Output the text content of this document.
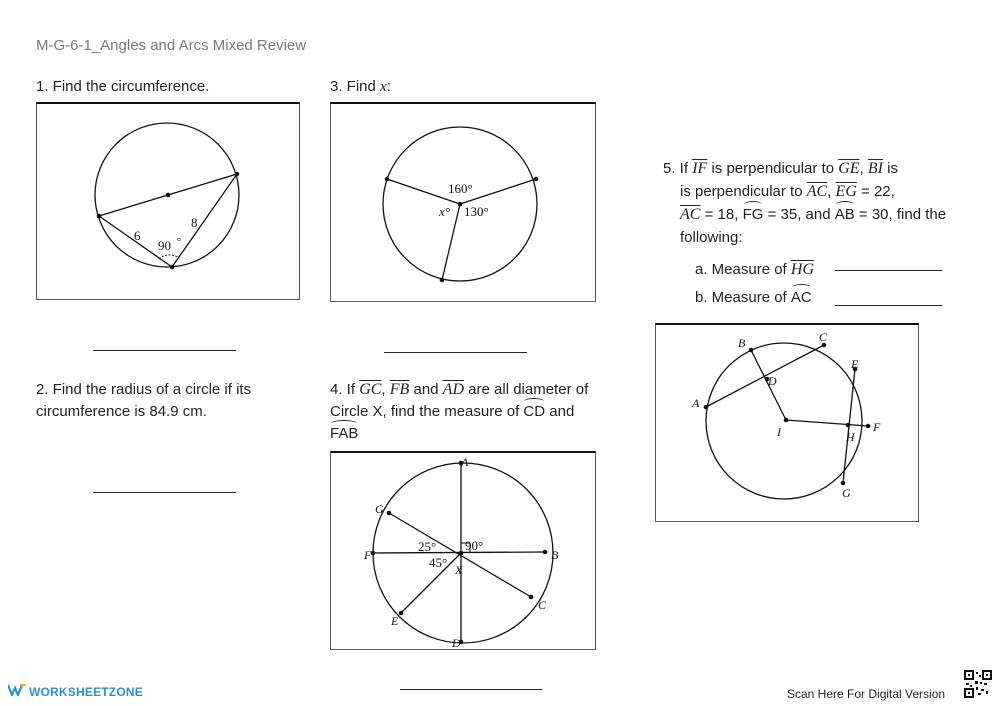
M-G-6-1_Angles and Arcs Mixed Review
1. Find the circumference.
6
8
90 °
2. Find the radius of a circle if its
circumference is 84.9 cm.
3. Find x:
160°
130°
x°
4. If $\overline{GC}$, $\overline{FB}$ and $\overline{AD}$ are all diameter of
Circle X, find the measure of CD and
FAB
A
B
C
D
E
F
G
X
25°
45°
90°
5. If $\overline{IF}$ is perpendicular to $\overline{GE}$, $\overline{BI}$ is
is perpendicular to $\overline{AC}$, $\overline{EG} = 22$,
$\overline{AC} = 18$, FG = 35, and AB = 30, find the
following:
a. Measure of $\overline{HG}$
b. Measure of AC
A
B	C
D
E
F
G
H
I
WORKSHEETZONE	Scan Here For Digital Version
